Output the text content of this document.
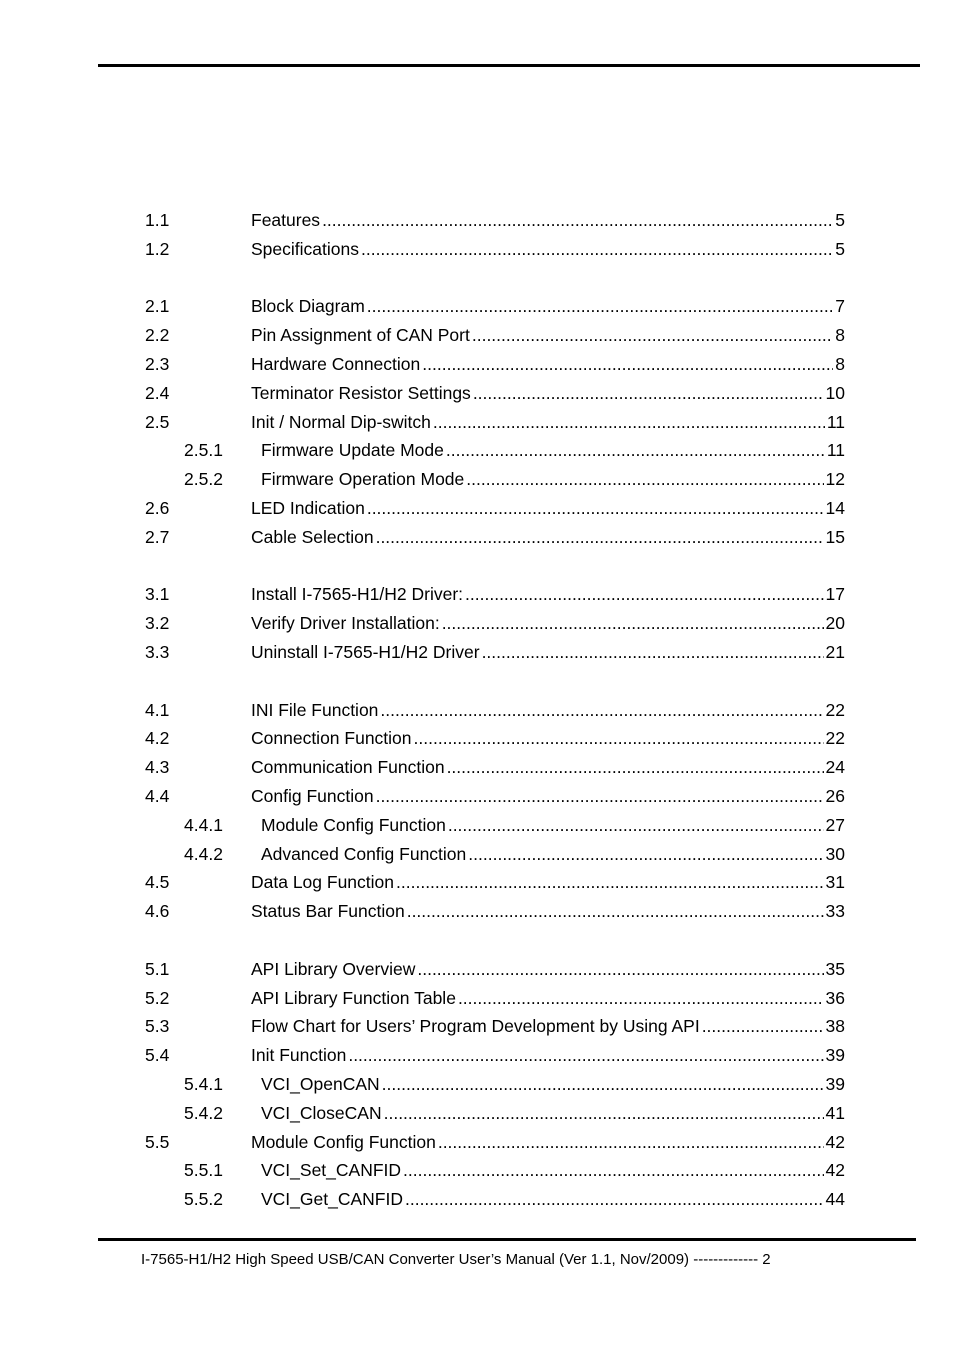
1.1	Features .....	5
1.2	Specifications .....	5
2.1	Block Diagram .....	7
2.2	Pin Assignment of CAN Port .....	8
2.3	Hardware Connection .....	8
2.4	Terminator Resistor Settings .....	10
2.5	Init / Normal Dip-switch .....	11
2.5.1 Firmware Update Mode .....	11
2.5.2 Firmware Operation Mode .....	12
2.6	LED Indication .....	14
2.7	Cable Selection .....	15
3.1	Install I-7565-H1/H2 Driver: .....	17
3.2	Verify Driver Installation: .....	20
3.3	Uninstall I-7565-H1/H2 Driver .....	21
4.1	INI File Function .....	22
4.2	Connection Function .....	22
4.3	Communication Function .....	24
4.4	Config Function .....	26
4.4.1 Module Config Function .....	27
4.4.2 Advanced Config Function .....	30
4.5	Data Log Function .....	31
4.6	Status Bar Function .....	33
5.1	API Library Overview .....	35
5.2	API Library Function Table .....	36
5.3	Flow Chart for Users’ Program Development by Using API .....	38
5.4	Init Function .....	39
5.4.1 VCI_OpenCAN .....	39
5.4.2 VCI_CloseCAN .....	41
5.5	Module Config Function .....	42
5.5.1 VCI_Set_CANFID .....	42
5.5.2 VCI_Get_CANFID .....	44
I-7565-H1/H2 High Speed USB/CAN Converter User’s Manual (Ver 1.1, Nov/2009) ------------- 2
